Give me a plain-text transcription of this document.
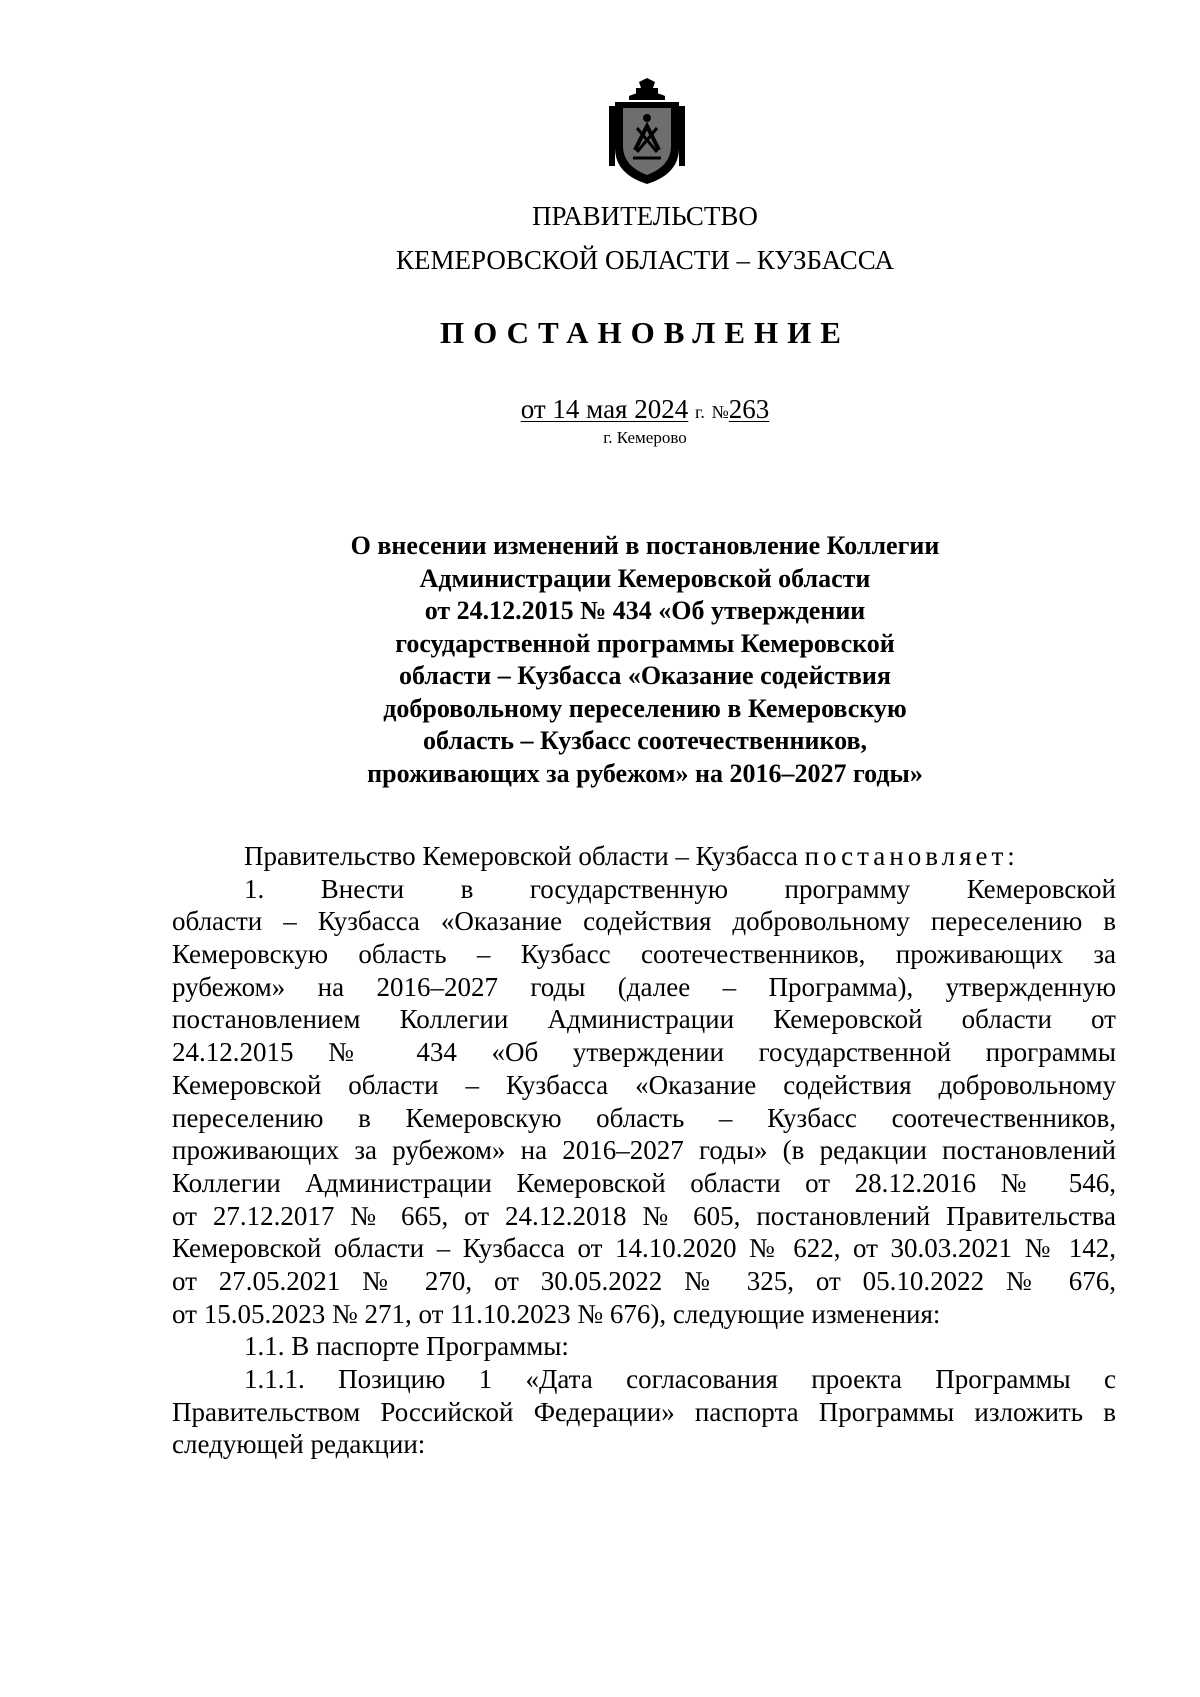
ПРАВИТЕЛЬСТВО
КЕМЕРОВСКОЙ ОБЛАСТИ – КУЗБАССА
ПОСТАНОВЛЕНИЕ
от 14 мая 2024 г. №263
г. Кемерово
О внесении изменений в постановление Коллегии
Администрации Кемеровской области
от 24.12.2015 № 434 «Об утверждении
государственной программы Кемеровской
области – Кузбасса «Оказание содействия
добровольному переселению в Кемеровскую
область – Кузбасс соотечественников,
проживающих за рубежом» на 2016–2027 годы»
Правительство Кемеровской области – Кузбасса постановляет:
1. Внести в государственную программу Кемеровской
области – Кузбасса «Оказание содействия добровольному переселению в
Кемеровскую область – Кузбасс соотечественников, проживающих за
рубежом» на 2016–2027 годы (далее – Программа), утвержденную
постановлением Коллегии Администрации Кемеровской области от
24.12.2015 № 434 «Об утверждении государственной программы
Кемеровской области – Кузбасса «Оказание содействия добровольному
переселению в Кемеровскую область – Кузбасс соотечественников,
проживающих за рубежом» на 2016–2027 годы» (в редакции постановлений
Коллегии Администрации Кемеровской области от 28.12.2016 № 546,
от 27.12.2017 № 665, от 24.12.2018 № 605, постановлений Правительства
Кемеровской области – Кузбасса от 14.10.2020 № 622, от 30.03.2021 № 142,
от 27.05.2021 № 270, от 30.05.2022 № 325, от 05.10.2022 № 676,
от 15.05.2023 № 271, от 11.10.2023 № 676), следующие изменения:
1.1. В паспорте Программы:
1.1.1. Позицию 1 «Дата согласования проекта Программы с
Правительством Российской Федерации» паспорта Программы изложить в
следующей редакции:
